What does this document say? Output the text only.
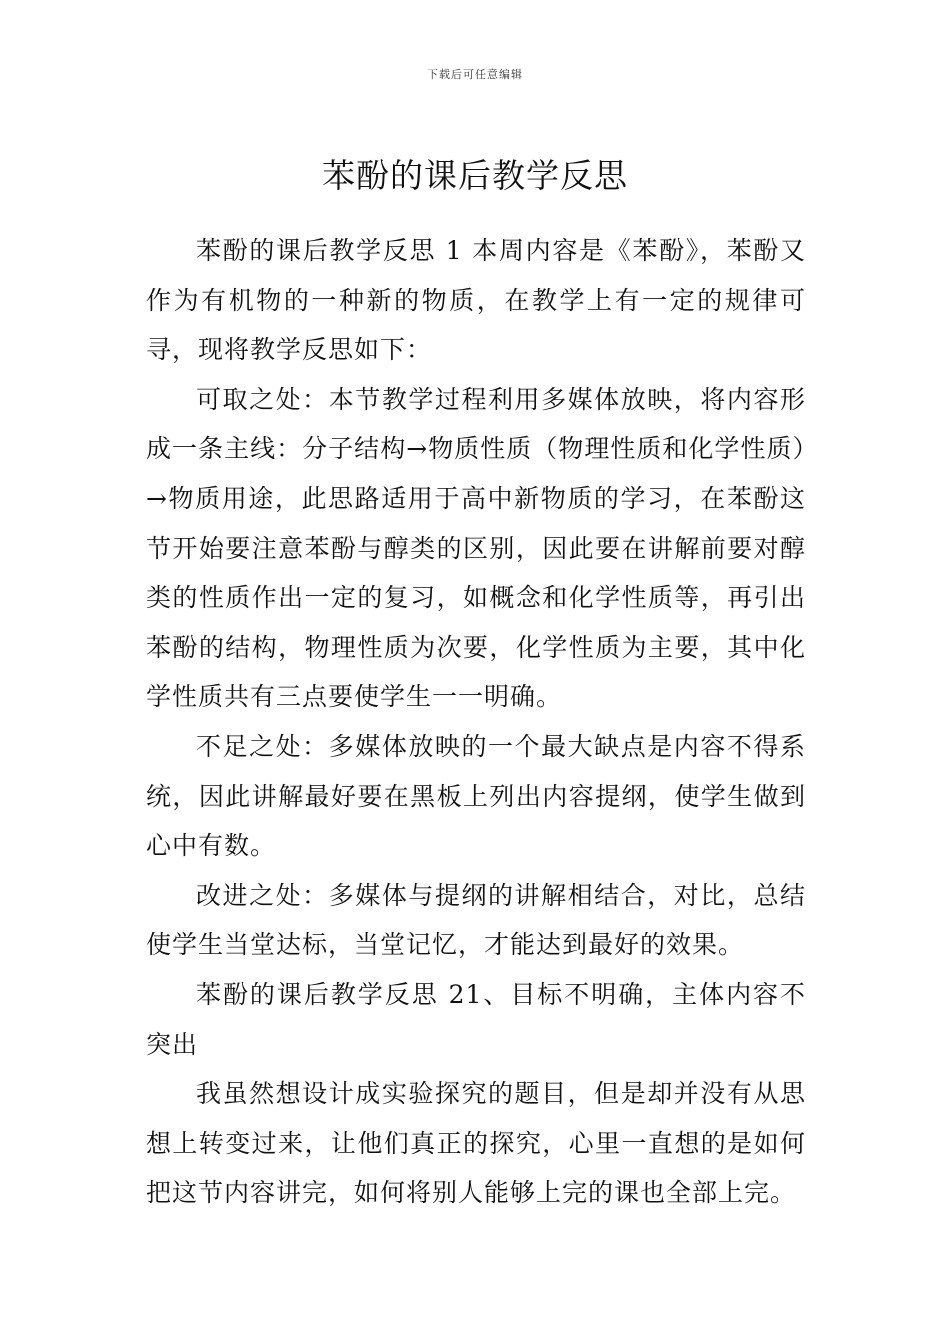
下载后可任意编辑
苯酚的课后教学反思

苯酚的课后教学反思 1 本周内容是《苯酚》，苯酚又作为有机物的一种新的物质，在教学上有一定的规律可寻，现将教学反思如下：

可取之处：本节教学过程利用多媒体放映，将内容形成一条主线：分子结构→物质性质（物理性质和化学性质）→物质用途，此思路适用于高中新物质的学习，在苯酚这节开始要注意苯酚与醇类的区别，因此要在讲解前要对醇类的性质作出一定的复习，如概念和化学性质等，再引出苯酚的结构，物理性质为次要，化学性质为主要，其中化学性质共有三点要使学生一一明确。

不足之处：多媒体放映的一个最大缺点是内容不得系统，因此讲解最好要在黑板上列出内容提纲，使学生做到心中有数。

改进之处：多媒体与提纲的讲解相结合，对比，总结使学生当堂达标，当堂记忆，才能达到最好的效果。

苯酚的课后教学反思 21、目标不明确，主体内容不突出

我虽然想设计成实验探究的题目，但是却并没有从思想上转变过来，让他们真正的探究，心里一直想的是如何把这节内容讲完，如何将别人能够上完的课也全部上完。
